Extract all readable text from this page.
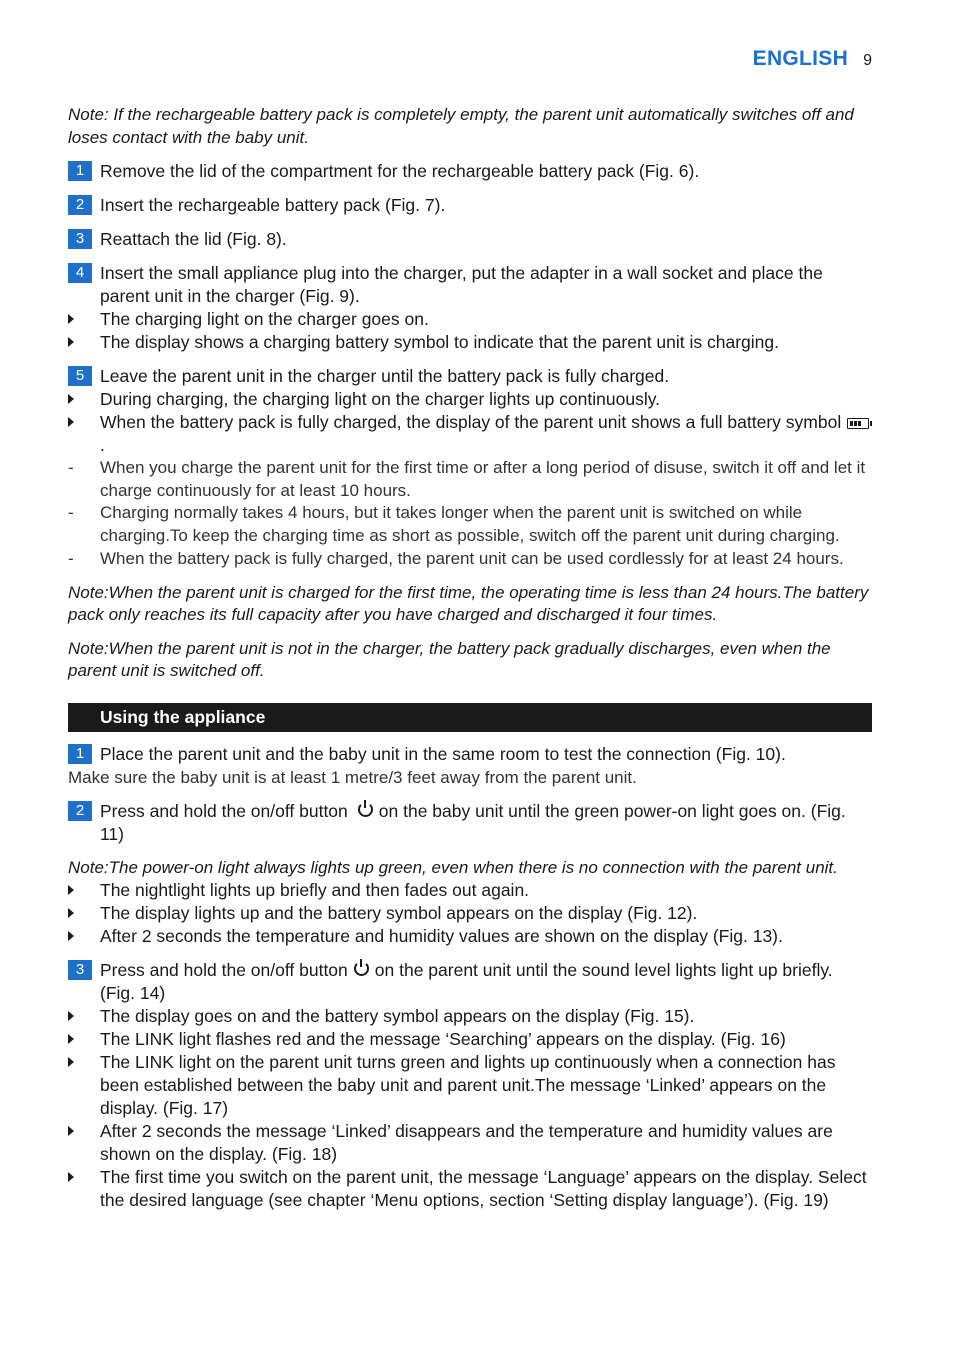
ENGLISH 9

Note: If the rechargeable battery pack is completely empty, the parent unit automatically switches off and loses contact with the baby unit.

1 Remove the lid of the compartment for the rechargeable battery pack (Fig. 6).
2 Insert the rechargeable battery pack (Fig. 7).
3 Reattach the lid (Fig. 8).
4 Insert the small appliance plug into the charger, put the adapter in a wall socket and place the parent unit in the charger (Fig. 9).
The charging light on the charger goes on.
The display shows a charging battery symbol to indicate that the parent unit is charging.
5 Leave the parent unit in the charger until the battery pack is fully charged.
During charging, the charging light on the charger lights up continuously.
When the battery pack is fully charged, the display of the parent unit shows a full battery symbol.
- When you charge the parent unit for the first time or after a long period of disuse, switch it off and let it charge continuously for at least 10 hours.
- Charging normally takes 4 hours, but it takes longer when the parent unit is switched on while charging.To keep the charging time as short as possible, switch off the parent unit during charging.
- When the battery pack is fully charged, the parent unit can be used cordlessly for at least 24 hours.

Note:When the parent unit is charged for the first time, the operating time is less than 24 hours.The battery pack only reaches its full capacity after you have charged and discharged it four times.

Note:When the parent unit is not in the charger, the battery pack gradually discharges, even when the parent unit is switched off.

Using the appliance
1 Place the parent unit and the baby unit in the same room to test the connection (Fig. 10).
Make sure the baby unit is at least 1 metre/3 feet away from the parent unit.
2 Press and hold the on/off button on the baby unit until the green power-on light goes on. (Fig. 11)

Note:The power-on light always lights up green, even when there is no connection with the parent unit.

The nightlight lights up briefly and then fades out again.
The display lights up and the battery symbol appears on the display (Fig. 12).
After 2 seconds the temperature and humidity values are shown on the display (Fig. 13).
3 Press and hold the on/off button on the parent unit until the sound level lights light up briefly. (Fig. 14)
The display goes on and the battery symbol appears on the display (Fig. 15).
The LINK light flashes red and the message ‘Searching’ appears on the display. (Fig. 16)
The LINK light on the parent unit turns green and lights up continuously when a connection has been established between the baby unit and parent unit.The message ‘Linked’ appears on the display. (Fig. 17)
After 2 seconds the message ‘Linked’ disappears and the temperature and humidity values are shown on the display. (Fig. 18)
The first time you switch on the parent unit, the message ‘Language’ appears on the display. Select the desired language (see chapter ‘Menu options, section ‘Setting display language’). (Fig. 19)
